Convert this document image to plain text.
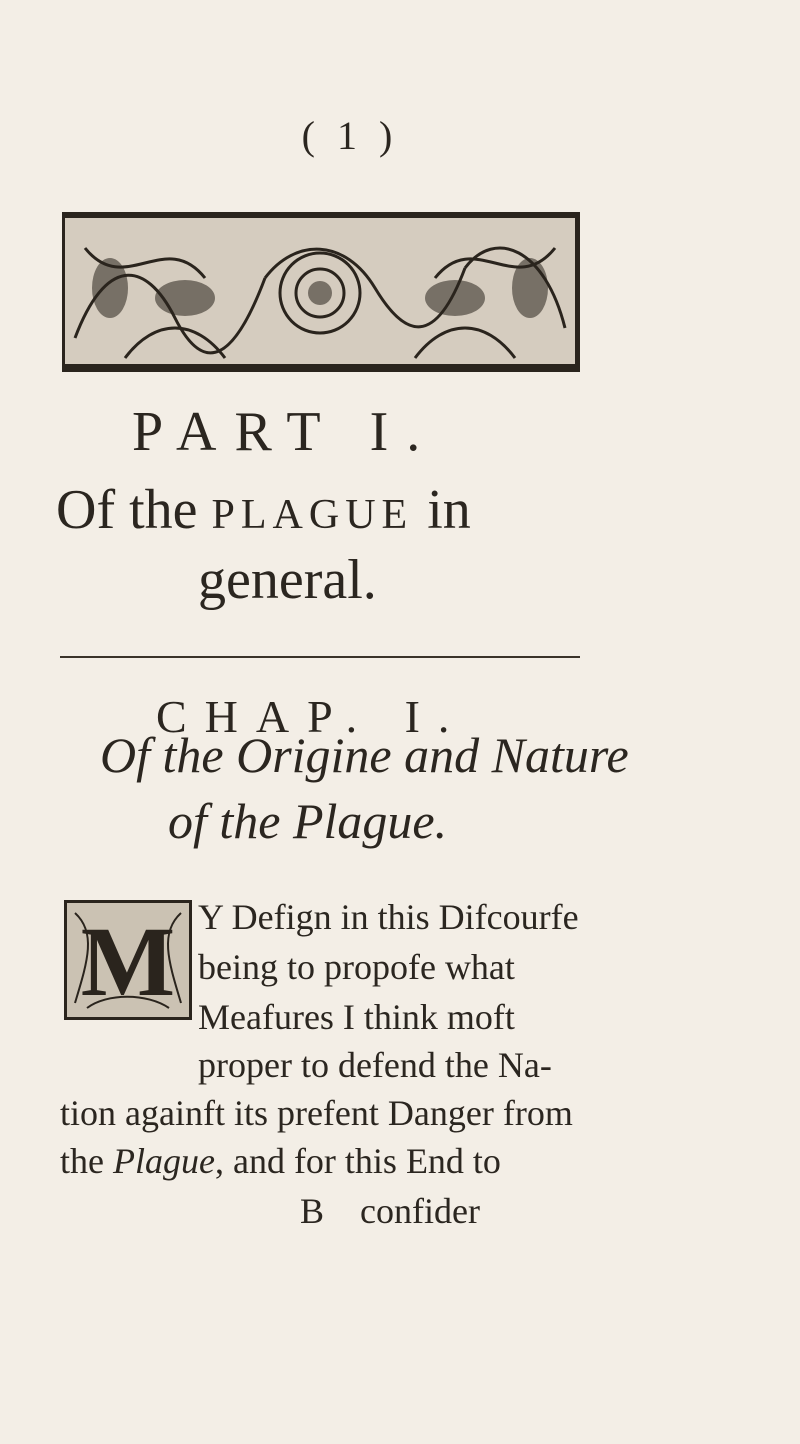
( 1 )
PART I.
Of the PLAGUE in
general.
CHAP. I.
Of the Origine and Nature
of the Plague.
M Y Defign in this Difcourfe
being to propofe what
Meafures I think moft
proper to defend the Na-
tion againft its prefent Danger from
the Plague, and for this End to
B    confider
